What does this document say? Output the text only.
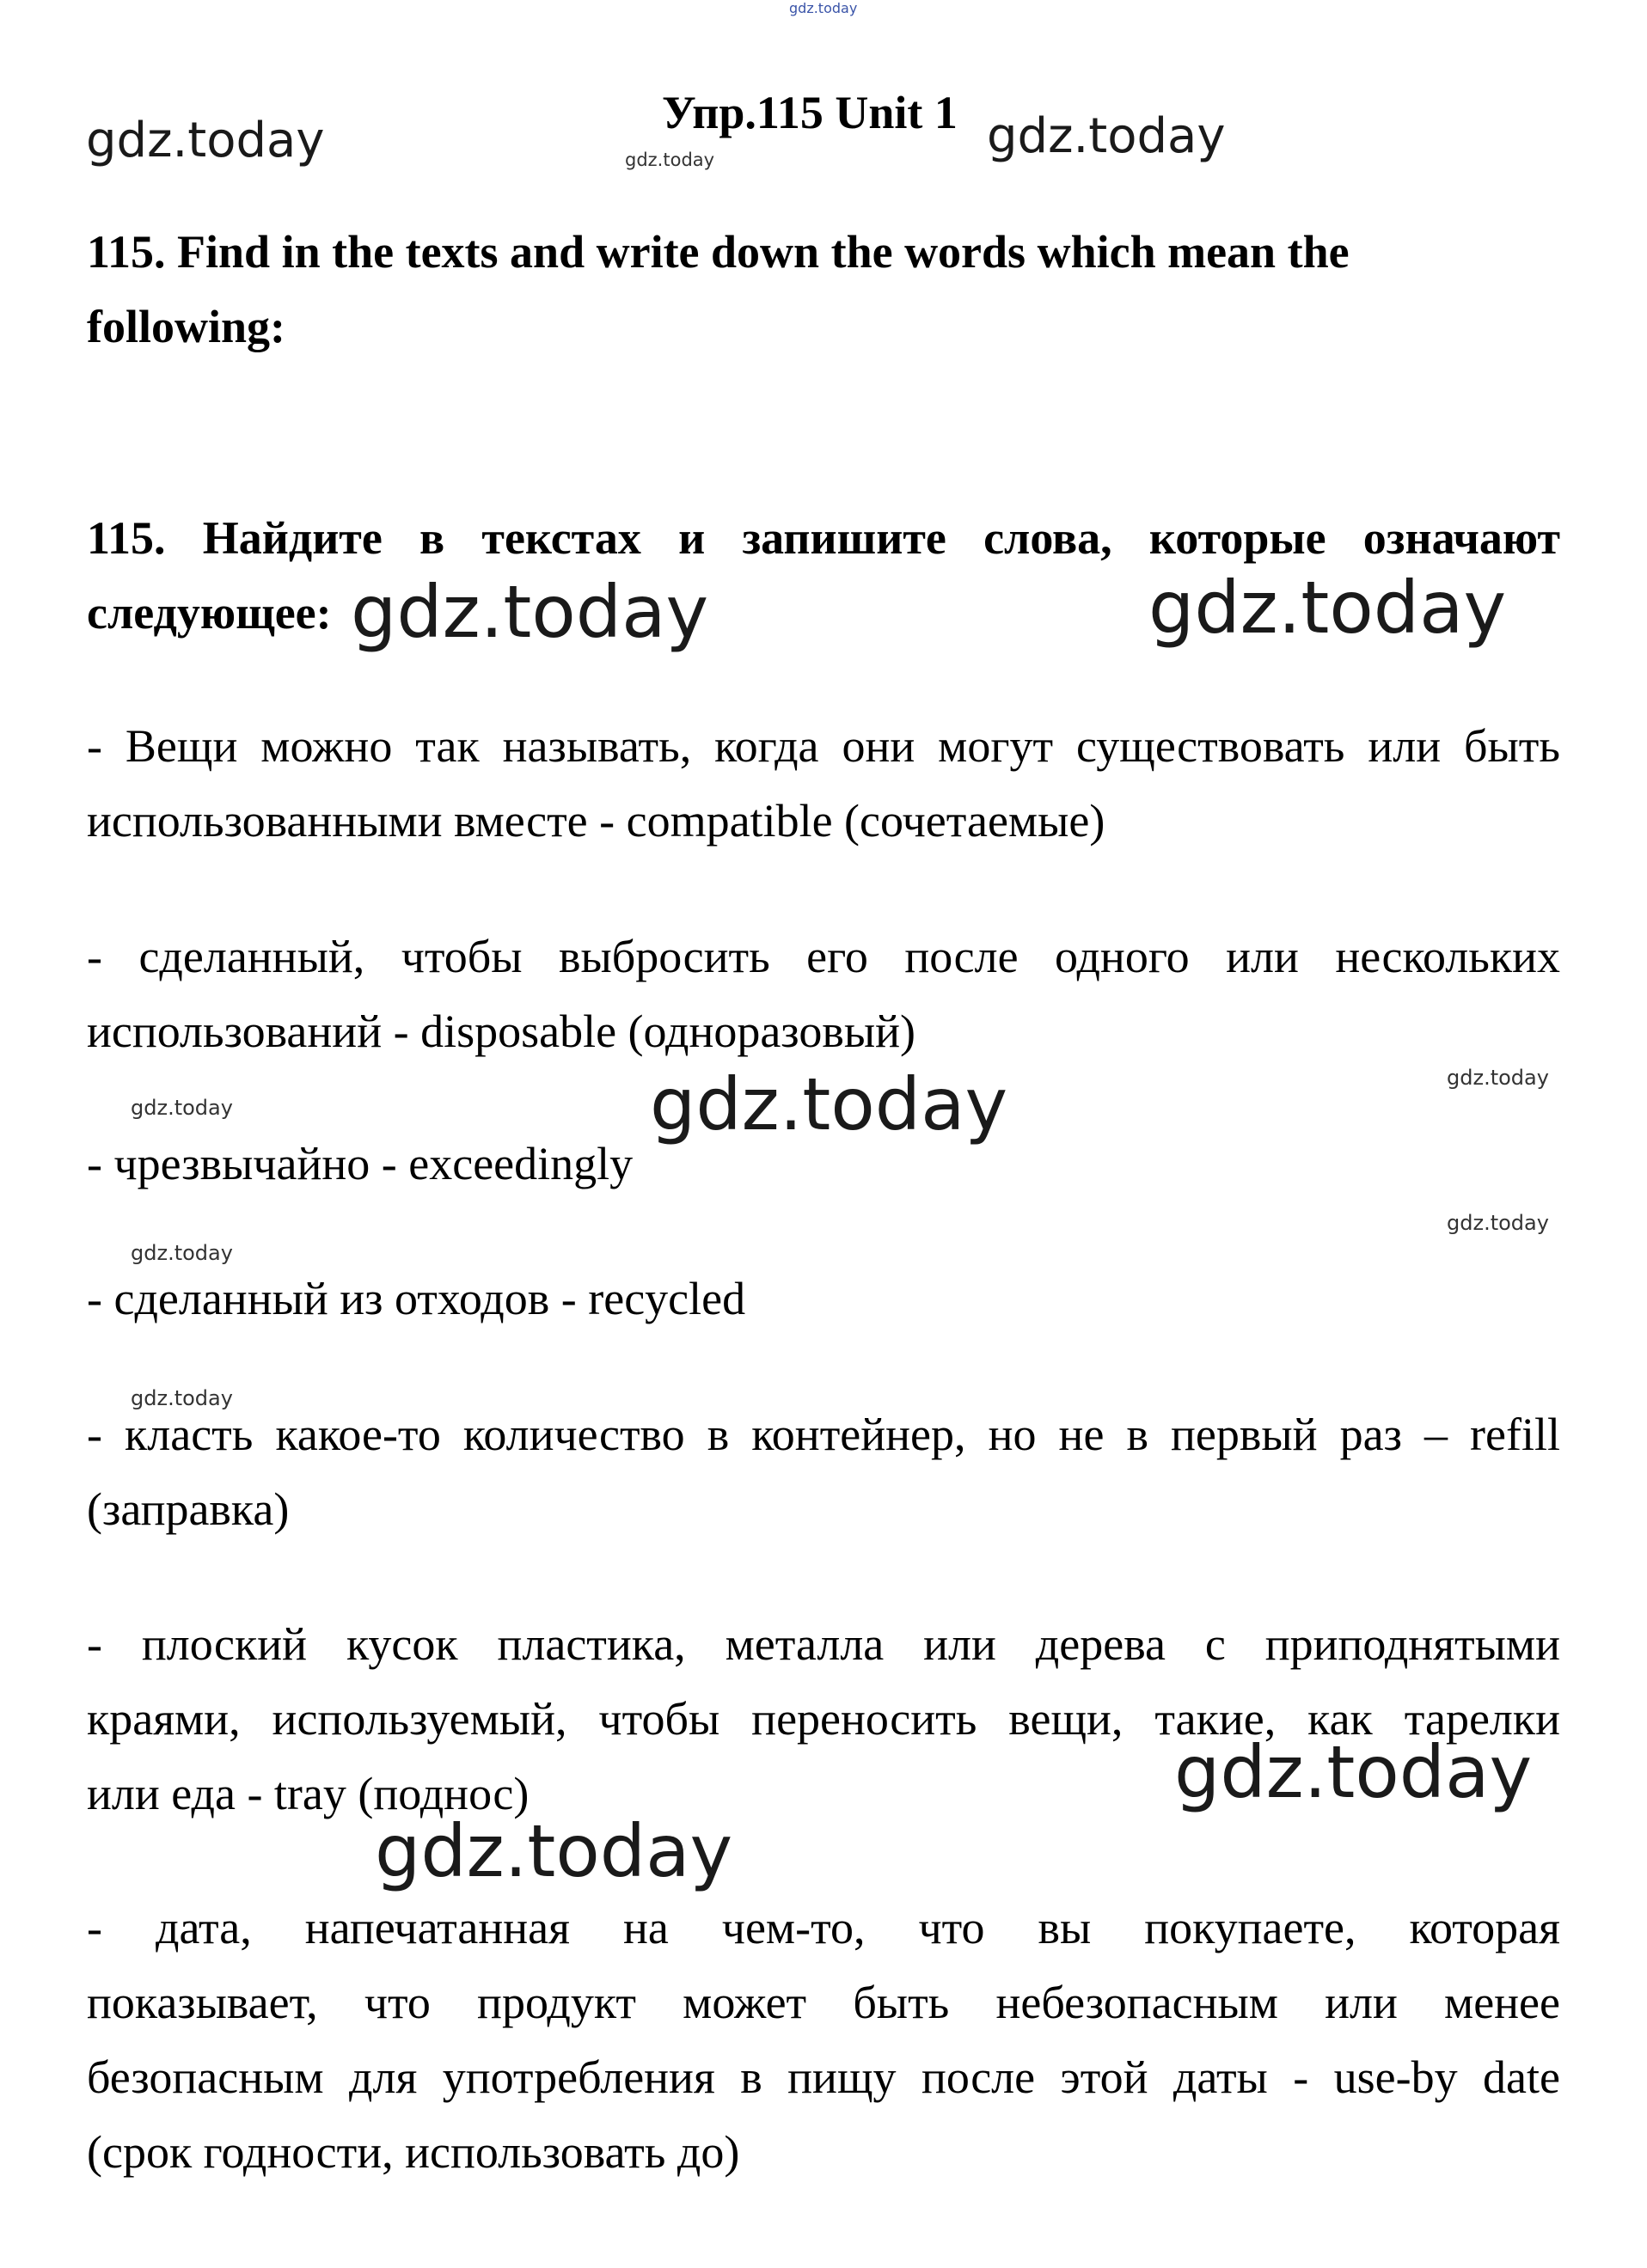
gdz.today
gdz.today	gdz.today	gdz.today
gdz.today	gdz.today
gdz.today
gdz.today	gdz.today
gdz.today
gdz.today
gdz.today
gdz.today
gdz.today
Упр.115 Unit 1
115. Find in the texts and write down the words which mean the
following:
115. Найдите в текстах и запишите слова, которые означают
следующее:
- Вещи можно так называть, когда они могут существовать или быть
использованными вместе - compatible (сочетаемые)
- сделанный, чтобы выбросить его после одного или нескольких
использований - disposable (одноразовый)
- чрезвычайно - exceedingly
- сделанный из отходов - recycled
- класть какое-то количество в контейнер, но не в первый раз – refill
(заправка)
- плоский кусок пластика, металла или дерева с приподнятыми
краями, используемый, чтобы переносить вещи, такие, как тарелки
или еда - tray (поднос)
- дата, напечатанная на чем-то, что вы покупаете, которая
показывает, что продукт может быть небезопасным или менее
безопасным для употребления в пищу после этой даты - use-by date
(срок годности, использовать до)
